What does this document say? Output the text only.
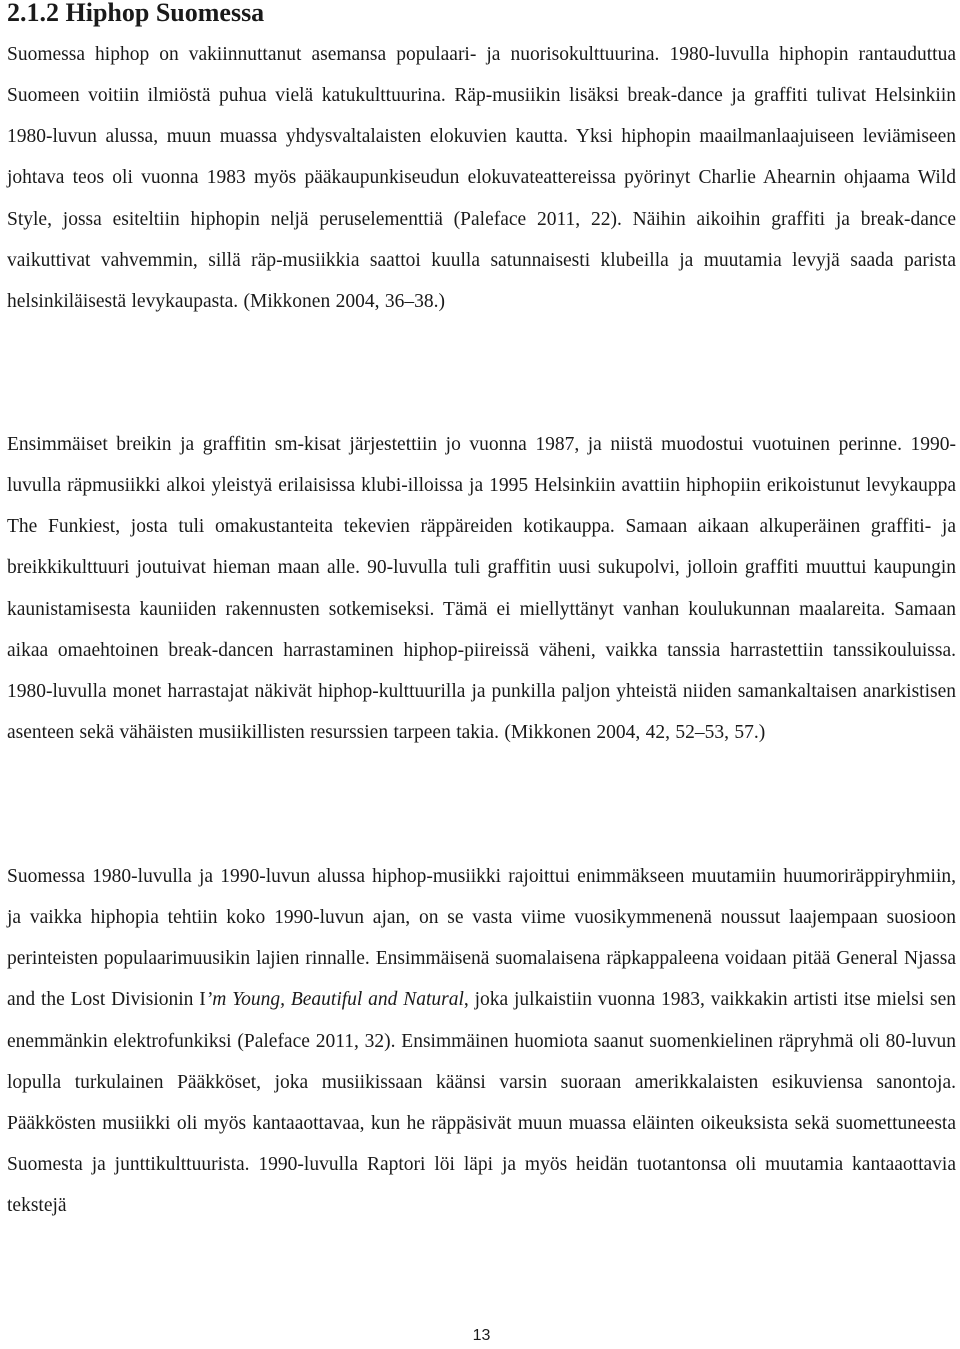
2.1.2 Hiphop Suomessa

Suomessa hiphop on vakiinnuttanut asemansa populaari- ja nuorisokulttuurina. 1980-luvulla hiphopin rantauduttua Suomeen voitiin ilmiöstä puhua vielä katukulttuurina. Räp-musiikin lisäksi break-dance ja graffiti tulivat Helsinkiin 1980-luvun alussa, muun muassa yhdysvaltalaisten elokuvien kautta. Yksi hiphopin maailmanlaajuiseen leviämiseen johtava teos oli vuonna 1983 myös pääkaupunkiseudun elokuvateattereissa pyörinyt Charlie Ahearnin ohjaama Wild Style, jossa esiteltiin hiphopin neljä peruselementtiä (Paleface 2011, 22). Näihin aikoihin graffiti ja break-dance vaikuttivat vahvemmin, sillä räp-musiikkia saattoi kuulla satunnaisesti klubeilla ja muutamia levyjä saada parista helsinkiläisestä levykaupasta. (Mikkonen 2004, 36–38.)

Ensimmäiset breikin ja graffitin sm-kisat järjestettiin jo vuonna 1987, ja niistä muodostui vuotuinen perinne. 1990-luvulla räpmusiikki alkoi yleistyä erilaisissa klubi-illoissa ja 1995 Helsinkiin avattiin hiphopiin erikoistunut levykauppa The Funkiest, josta tuli omakustanteita tekevien räppäreiden kotikauppa. Samaan aikaan alkuperäinen graffiti- ja breikkikulttuuri joutuivat hieman maan alle. 90-luvulla tuli graffitin uusi sukupolvi, jolloin graffiti muuttui kaupungin kaunistamisesta kauniiden rakennusten sotkemiseksi. Tämä ei miellyttänyt vanhan koulukunnan maalareita. Samaan aikaa omaehtoinen break-dancen harrastaminen hiphop-piireissä väheni, vaikka tanssia harrastettiin tanssikouluissa. 1980-luvulla monet harrastajat näkivät hiphop-kulttuurilla ja punkilla paljon yhteistä niiden samankaltaisen anarkistisen asenteen sekä vähäisten musiikillisten resurssien tarpeen takia. (Mikkonen 2004, 42, 52–53, 57.)

Suomessa 1980-luvulla ja 1990-luvun alussa hiphop-musiikki rajoittui enimmäkseen muutamiin huumoriräppiryhmiin, ja vaikka hiphopia tehtiin koko 1990-luvun ajan, on se vasta viime vuosikymmenenä noussut laajempaan suosioon perinteisten populaarimuusikin lajien rinnalle. Ensimmäisenä suomalaisena räpkappaleena voidaan pitää General Njassa and the Lost Divisionin I’m Young, Beautiful and Natural, joka julkaistiin vuonna 1983, vaikkakin artisti itse mielsi sen enemmänkin elektrofunkiksi (Paleface 2011, 32). Ensimmäinen huomiota saanut suomenkielinen räpryhmä oli 80-luvun lopulla turkulainen Pääkköset, joka musiikissaan käänsi varsin suoraan amerikkalaisten esikuviensa sanontoja. Pääkkösten musiikki oli myös kantaaottavaa, kun he räppäsivät muun muassa eläinten oikeuksista sekä suomettuneesta Suomesta ja junttikulttuurista. 1990-luvulla Raptori löi läpi ja myös heidän tuotantonsa oli muutamia kantaaottavia tekstejä

13
